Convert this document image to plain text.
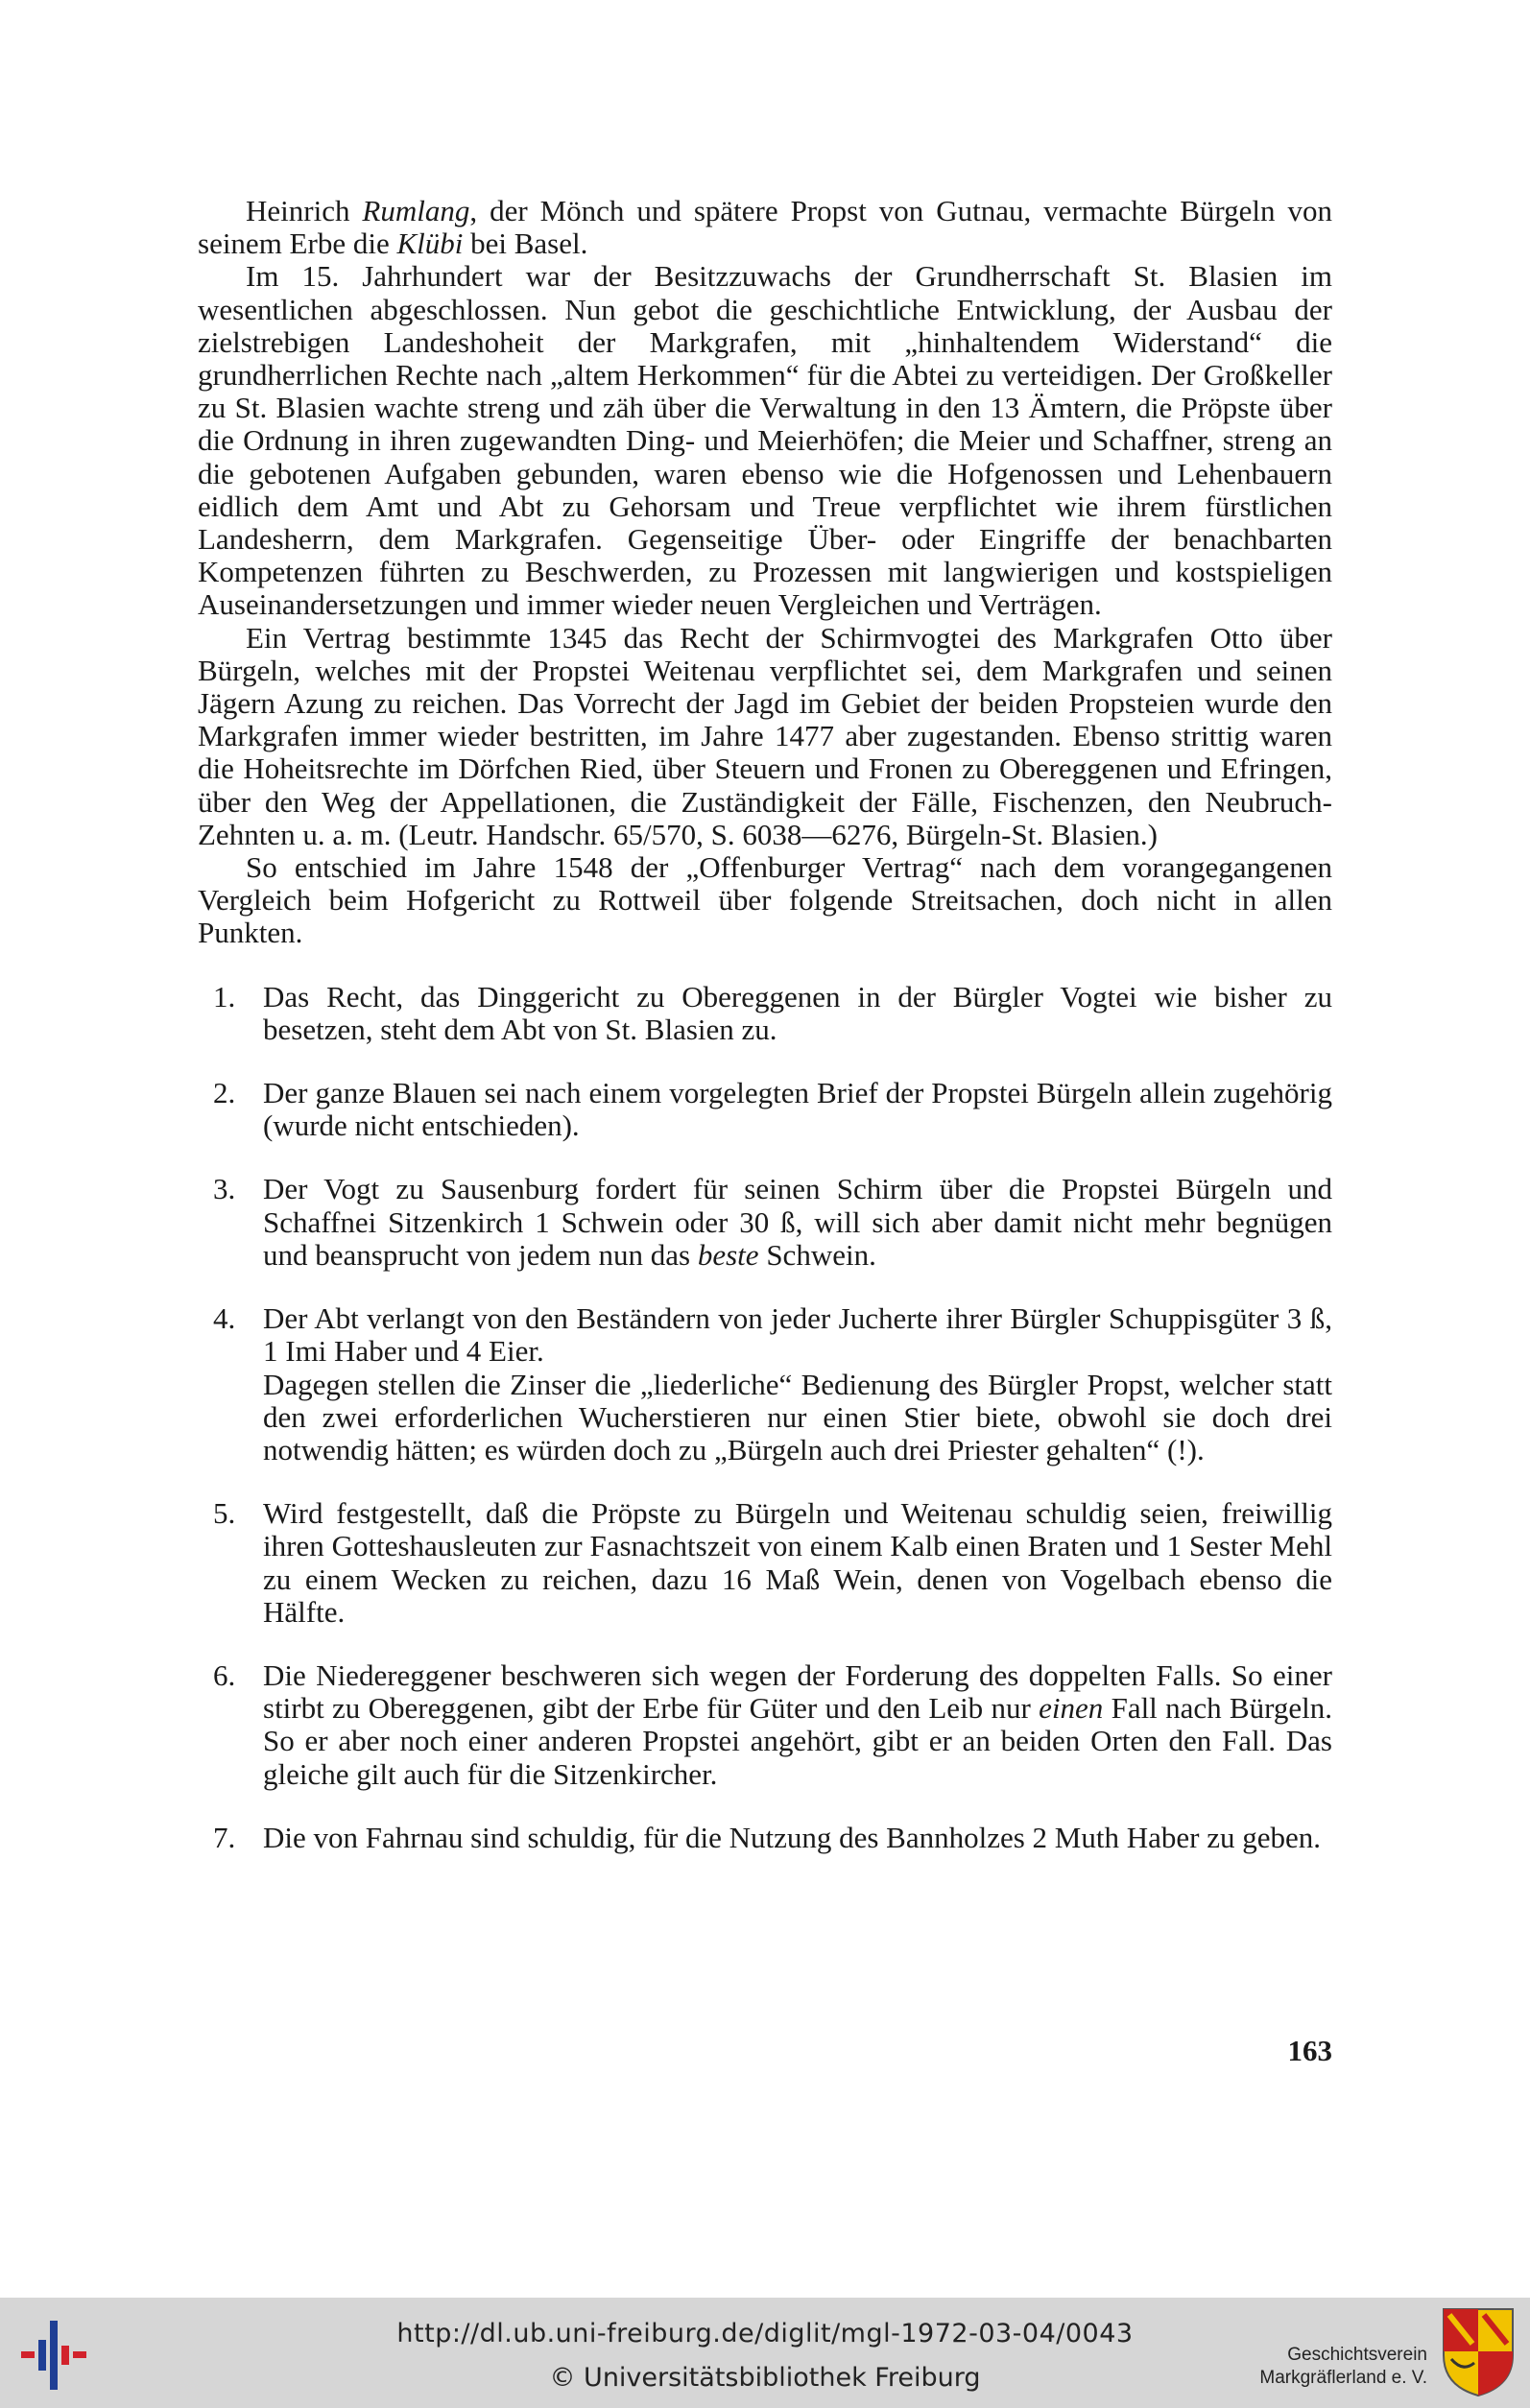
Heinrich Rumlang, der Mönch und spätere Propst von Gutnau, vermachte Bürgeln von seinem Erbe die Klübi bei Basel.

Im 15. Jahrhundert war der Besitzzuwachs der Grundherrschaft St. Blasien im wesentlichen abgeschlossen. Nun gebot die geschichtliche Entwicklung, der Ausbau der zielstrebigen Landeshoheit der Markgrafen, mit „hinhaltendem Widerstand“ die grundherrlichen Rechte nach „altem Herkommen“ für die Abtei zu verteidigen. Der Großkeller zu St. Blasien wachte streng und zäh über die Verwaltung in den 13 Ämtern, die Pröpste über die Ordnung in ihren zugewandten Ding- und Meierhöfen; die Meier und Schaffner, streng an die gebotenen Aufgaben gebunden, waren ebenso wie die Hofgenossen und Lehenbauern eidlich dem Amt und Abt zu Gehorsam und Treue verpflichtet wie ihrem fürstlichen Landesherrn, dem Markgrafen. Gegenseitige Über- oder Eingriffe der benachbarten Kompetenzen führten zu Beschwerden, zu Prozessen mit langwierigen und kostspieligen Auseinandersetzungen und immer wieder neuen Vergleichen und Verträgen.

Ein Vertrag bestimmte 1345 das Recht der Schirmvogtei des Markgrafen Otto über Bürgeln, welches mit der Propstei Weitenau verpflichtet sei, dem Markgrafen und seinen Jägern Azung zu reichen. Das Vorrecht der Jagd im Gebiet der beiden Propsteien wurde den Markgrafen immer wieder bestritten, im Jahre 1477 aber zugestanden. Ebenso strittig waren die Hoheitsrechte im Dörfchen Ried, über Steuern und Fronen zu Obereggenen und Efringen, über den Weg der Appellationen, die Zuständigkeit der Fälle, Fischenzen, den Neubruch-Zehnten u. a. m. (Leutr. Handschr. 65/570, S. 6038—6276, Bürgeln-St. Blasien.)

So entschied im Jahre 1548 der „Offenburger Vertrag“ nach dem vorangegangenen Vergleich beim Hofgericht zu Rottweil über folgende Streitsachen, doch nicht in allen Punkten.

1. Das Recht, das Dinggericht zu Obereggenen in der Bürgler Vogtei wie bisher zu besetzen, steht dem Abt von St. Blasien zu.
2. Der ganze Blauen sei nach einem vorgelegten Brief der Propstei Bürgeln allein zugehörig (wurde nicht entschieden).
3. Der Vogt zu Sausenburg fordert für seinen Schirm über die Propstei Bürgeln und Schaffnei Sitzenkirch 1 Schwein oder 30 ß, will sich aber damit nicht mehr begnügen und beansprucht von jedem nun das beste Schwein.
4. Der Abt verlangt von den Beständern von jeder Jucherte ihrer Bürgler Schuppisgüter 3 ß, 1 Imi Haber und 4 Eier.
Dagegen stellen die Zinser die „liederliche“ Bedienung des Bürgler Propst, welcher statt den zwei erforderlichen Wucherstieren nur einen Stier biete, obwohl sie doch drei notwendig hätten; es würden doch zu „Bürgeln auch drei Priester gehalten“ (!).
5. Wird festgestellt, daß die Pröpste zu Bürgeln und Weitenau schuldig seien, freiwillig ihren Gotteshausleuten zur Fasnachtszeit von einem Kalb einen Braten und 1 Sester Mehl zu einem Wecken zu reichen, dazu 16 Maß Wein, denen von Vogelbach ebenso die Hälfte.
6. Die Niedereggener beschweren sich wegen der Forderung des doppelten Falls. So einer stirbt zu Obereggenen, gibt der Erbe für Güter und den Leib nur einen Fall nach Bürgeln. So er aber noch einer anderen Propstei angehört, gibt er an beiden Orten den Fall. Das gleiche gilt auch für die Sitzenkircher.
7. Die von Fahrnau sind schuldig, für die Nutzung des Bannholzes 2 Muth Haber zu geben.
163
http://dl.ub.uni-freiburg.de/diglit/mgl-1972-03-04/0043
© Universitätsbibliothek Freiburg
Geschichtsverein
Markgräflerland e. V.
